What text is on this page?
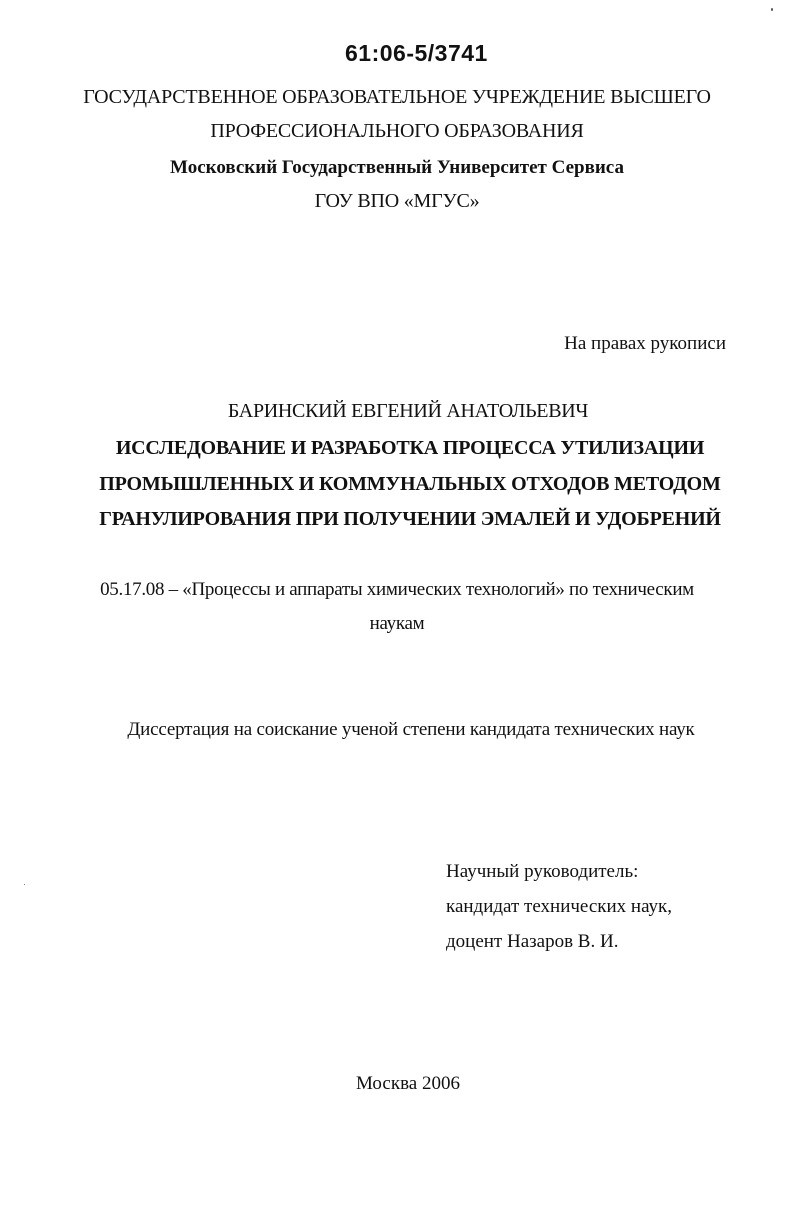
61:06-5/3741
ГОСУДАРСТВЕННОЕ ОБРАЗОВАТЕЛЬНОЕ УЧРЕЖДЕНИЕ ВЫСШЕГО
ПРОФЕССИОНАЛЬНОГО ОБРАЗОВАНИЯ
Московский Государственный Университет Сервиса
ГОУ ВПО «МГУС»
На правах рукописи
БАРИНСКИЙ ЕВГЕНИЙ АНАТОЛЬЕВИЧ
ИССЛЕДОВАНИЕ И РАЗРАБОТКА ПРОЦЕССА УТИЛИЗАЦИИ
ПРОМЫШЛЕННЫХ И КОММУНАЛЬНЫХ ОТХОДОВ МЕТОДОМ
ГРАНУЛИРОВАНИЯ ПРИ ПОЛУЧЕНИИ ЭМАЛЕЙ И УДОБРЕНИЙ
05.17.08 – «Процессы и аппараты химических технологий» по техническим
наукам
Диссертация на соискание ученой степени кандидата технических наук
Научный руководитель:
кандидат технических наук,
доцент Назаров В. И.
Москва 2006
